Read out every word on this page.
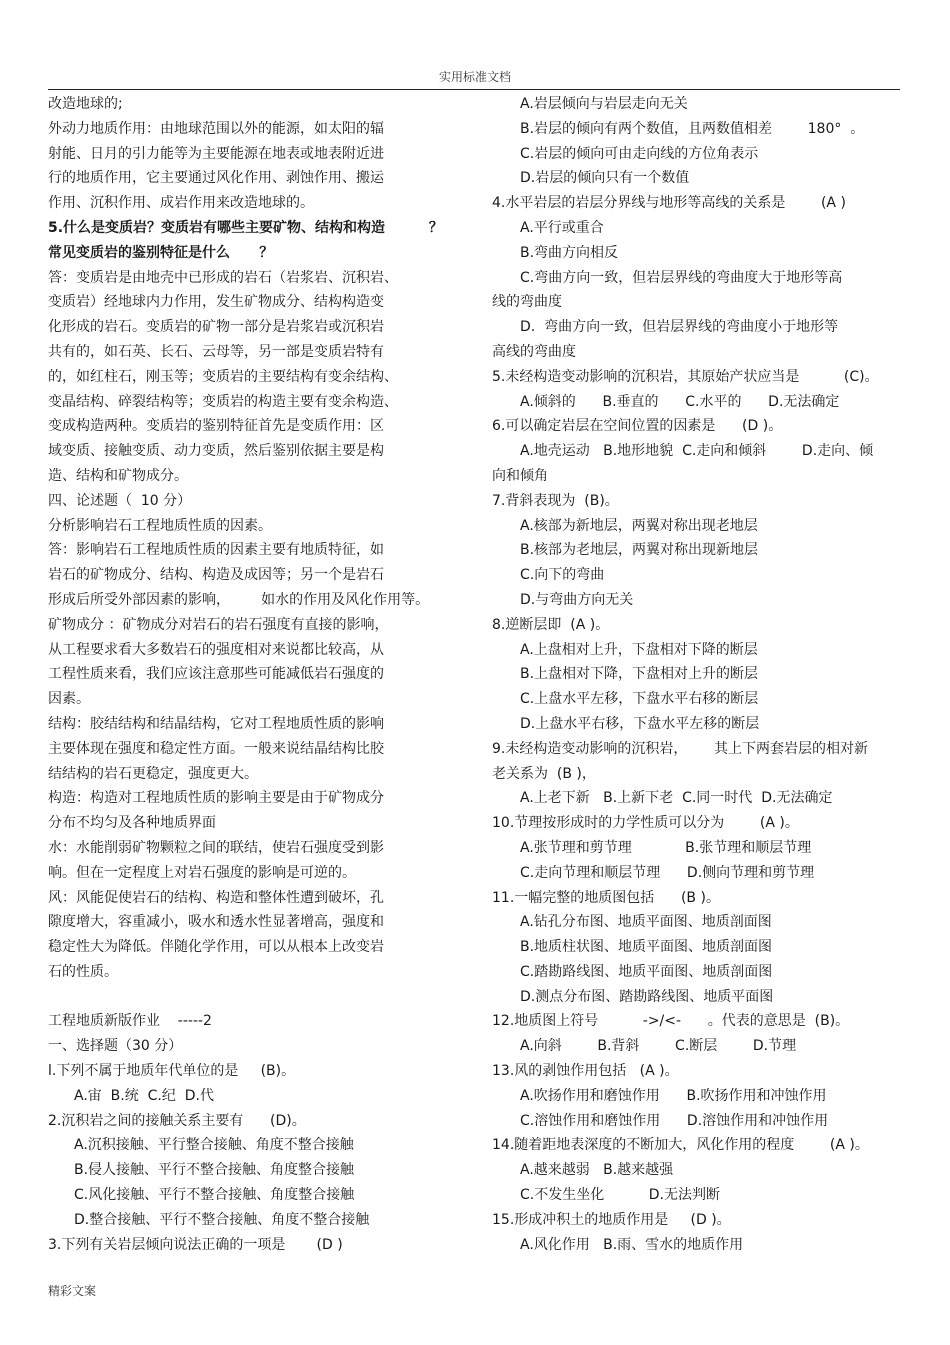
实用标准文档
改造地球的;
外动力地质作用：由地球范围以外的能源，如太阳的辐
射能、日月的引力能等为主要能源在地表或地表附近进
行的地质作用，它主要通过风化作用、剥蚀作用、搬运
作用、沉积作用、成岩作用来改造地球的。
5.什么是变质岩？变质岩有哪些主要矿物、结构和构造         ？
常见变质岩的鉴别特征是什么      ？
答：变质岩是由地壳中已形成的岩石（岩浆岩、沉积岩、
变质岩）经地球内力作用，发生矿物成分、结构构造变
化形成的岩石。变质岩的矿物一部分是岩浆岩或沉积岩
共有的，如石英、长石、云母等，另一部是变质岩特有
的，如红柱石，刚玉等；变质岩的主要结构有变余结构、
变晶结构、碎裂结构等；变质岩的构造主要有变余构造、
变成构造两种。变质岩的鉴别特征首先是变质作用：区
域变质、接触变质、动力变质，然后鉴别依据主要是构
造、结构和矿物成分。
四、论述题（  10 分）
分析影响岩石工程地质性质的因素。
答：影响岩石工程地质性质的因素主要有地质特征，如
岩石的矿物成分、结构、构造及成因等；另一个是岩石
形成后所受外部因素的影响，       如水的作用及风化作用等。
矿物成分 ：矿物成分对岩石的岩石强度有直接的影响，
从工程要求看大多数岩石的强度相对来说都比较高，从
工程性质来看，我们应该注意那些可能减低岩石强度的
因素。
结构：胶结结构和结晶结构，它对工程地质性质的影响
主要体现在强度和稳定性方面。一般来说结晶结构比胶
结结构的岩石更稳定，强度更大。
构造：构造对工程地质性质的影响主要是由于矿物成分
分布不均匀及各种地质界面
水：水能削弱矿物颗粒之间的联结，使岩石强度受到影
响。但在一定程度上对岩石强度的影响是可逆的。
风：风能促使岩石的结构、构造和整体性遭到破坏，孔
隙度增大，容重减小，吸水和透水性显著增高，强度和
稳定性大为降低。伴随化学作用，可以从根本上改变岩
石的性质。
工程地质新版作业    -----2
一、选择题（30 分）
l.下列不属于地质年代单位的是     (B)。
A.宙  B.统  C.纪  D.代
2.沉积岩之间的接触关系主要有      (D)。
A.沉积接触、平行整合接触、角度不整合接触
B.侵人接触、平行不整合接触、角度整合接触
C.风化接触、平行不整合接触、角度整合接触
D.整合接触、平行不整合接触、角度不整合接触
3.下列有关岩层倾向说法正确的一项是       (D )
A.岩层倾向与岩层走向无关
B.岩层的倾向有两个数值，且两数值相差        180°  。
C.岩层的倾向可由走向线的方位角表示
D.岩层的倾向只有一个数值
4.水平岩层的岩层分界线与地形等高线的关系是        (A )
A.平行或重合
B.弯曲方向相反
C.弯曲方向一致，但岩层界线的弯曲度大于地形等高
线的弯曲度
D.  弯曲方向一致，但岩层界线的弯曲度小于地形等
高线的弯曲度
5.未经构造变动影响的沉积岩，其原始产状应当是          (C)。
A.倾斜的      B.垂直的      C.水平的      D.无法确定
6.可以确定岩层在空间位置的因素是      (D )。
A.地壳运动   B.地形地貌  C.走向和倾斜        D.走向、倾
向和倾角
7.背斜表现为  (B)。
A.核部为新地层，两翼对称出现老地层
B.核部为老地层，两翼对称出现新地层
C.向下的弯曲
D.与弯曲方向无关
8.逆断层即  (A )。
A.上盘相对上升，下盘相对下降的断层
B.上盘相对下降，下盘相对上升的断层
C.上盘水平左移，下盘水平右移的断层
D.上盘水平右移，下盘水平左移的断层
9.未经构造变动影响的沉积岩，      其上下两套岩层的相对新
老关系为  (B )，
A.上老下新   B.上新下老  C.同一时代  D.无法确定
10.节理按形成时的力学性质可以分为        (A )。
A.张节理和剪节理            B.张节理和顺层节理
C.走向节理和顺层节理      D.侧向节理和剪节理
11.一幅完整的地质图包括      (B )。
A.钻孔分布图、地质平面图、地质剖面图
B.地质柱状图、地质平面图、地质剖面图
C.踏勘路线图、地质平面图、地质剖面图
D.测点分布图、踏勘路线图、地质平面图
12.地质图上符号          ->/<-      。代表的意思是  (B)。
A.向斜        B.背斜        C.断层        D.节理
13.风的剥蚀作用包括   (A )。
A.吹扬作用和磨蚀作用      B.吹扬作用和冲蚀作用
C.溶蚀作用和磨蚀作用      D.溶蚀作用和冲蚀作用
14.随着距地表深度的不断加大，风化作用的程度        (A )。
A.越来越弱   B.越来越强
C.不发生坐化          D.无法判断
15.形成冲积土的地质作用是     (D )。
A.风化作用   B.雨、雪水的地质作用
精彩文案
